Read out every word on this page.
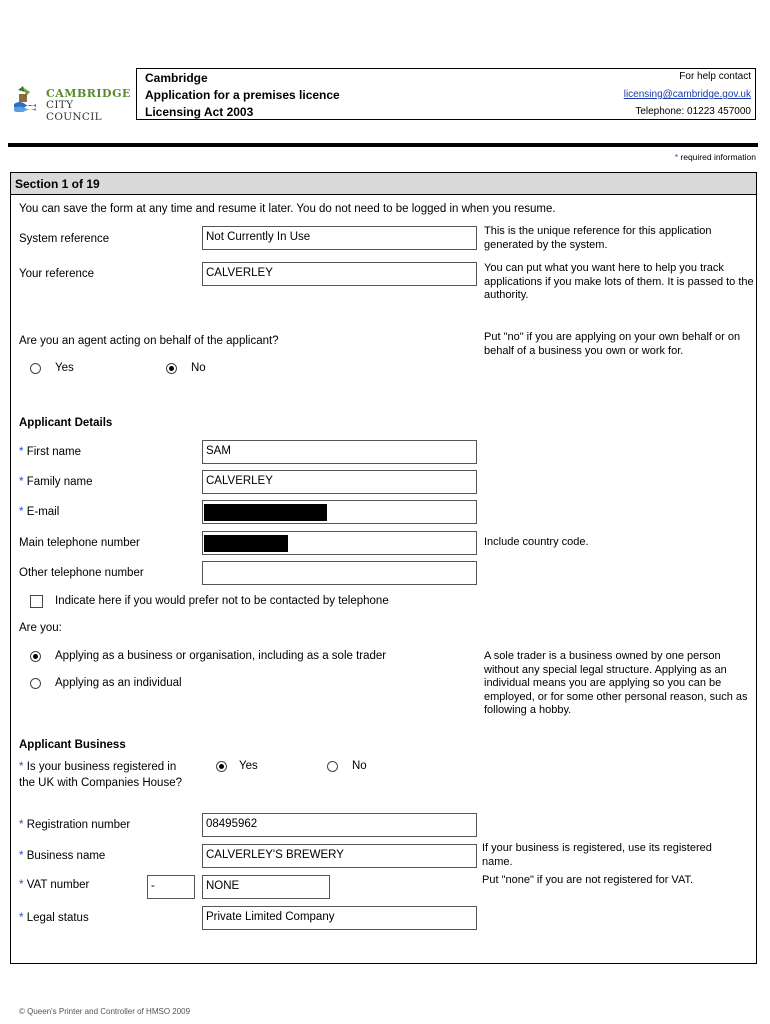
CAMBRIDGE
CITY COUNCIL
Cambridge
Application for a premises licence
Licensing Act 2003
For help contact
licensing@cambridge.gov.uk
Telephone: 01223 457000
* required information
Section 1 of 19
You can save the form at any time and resume it later. You do not need to be logged in when you resume.
System reference	Not Currently In Use	This is the unique reference for this application generated by the system.
Your reference	CALVERLEY	You can put what you want here to help you track applications if you make lots of them. It is passed to the authority.
Are you an agent acting on behalf of the applicant?	Put "no" if you are applying on your own behalf or on behalf of a business you own or work for.
Yes	No
Applicant Details
* First name	SAM
* Family name	CALVERLEY
* E-mail
Main telephone number	Include country code.
Other telephone number
Indicate here if you would prefer not to be contacted by telephone
Are you:
Applying as a business or organisation, including as a sole trader
Applying as an individual
A sole trader is a business owned by one person without any special legal structure. Applying as an individual means you are applying so you can be employed, or for some other personal reason, such as following a hobby.
Applicant Business
* Is your business registered in the UK with Companies House?
Yes	No
* Registration number	08495962
* Business name	CALVERLEY'S BREWERY
If your business is registered, use its registered name.
* VAT number	-	NONE	Put "none" if you are not registered for VAT.
* Legal status	Private Limited Company
© Queen's Printer and Controller of HMSO 2009
